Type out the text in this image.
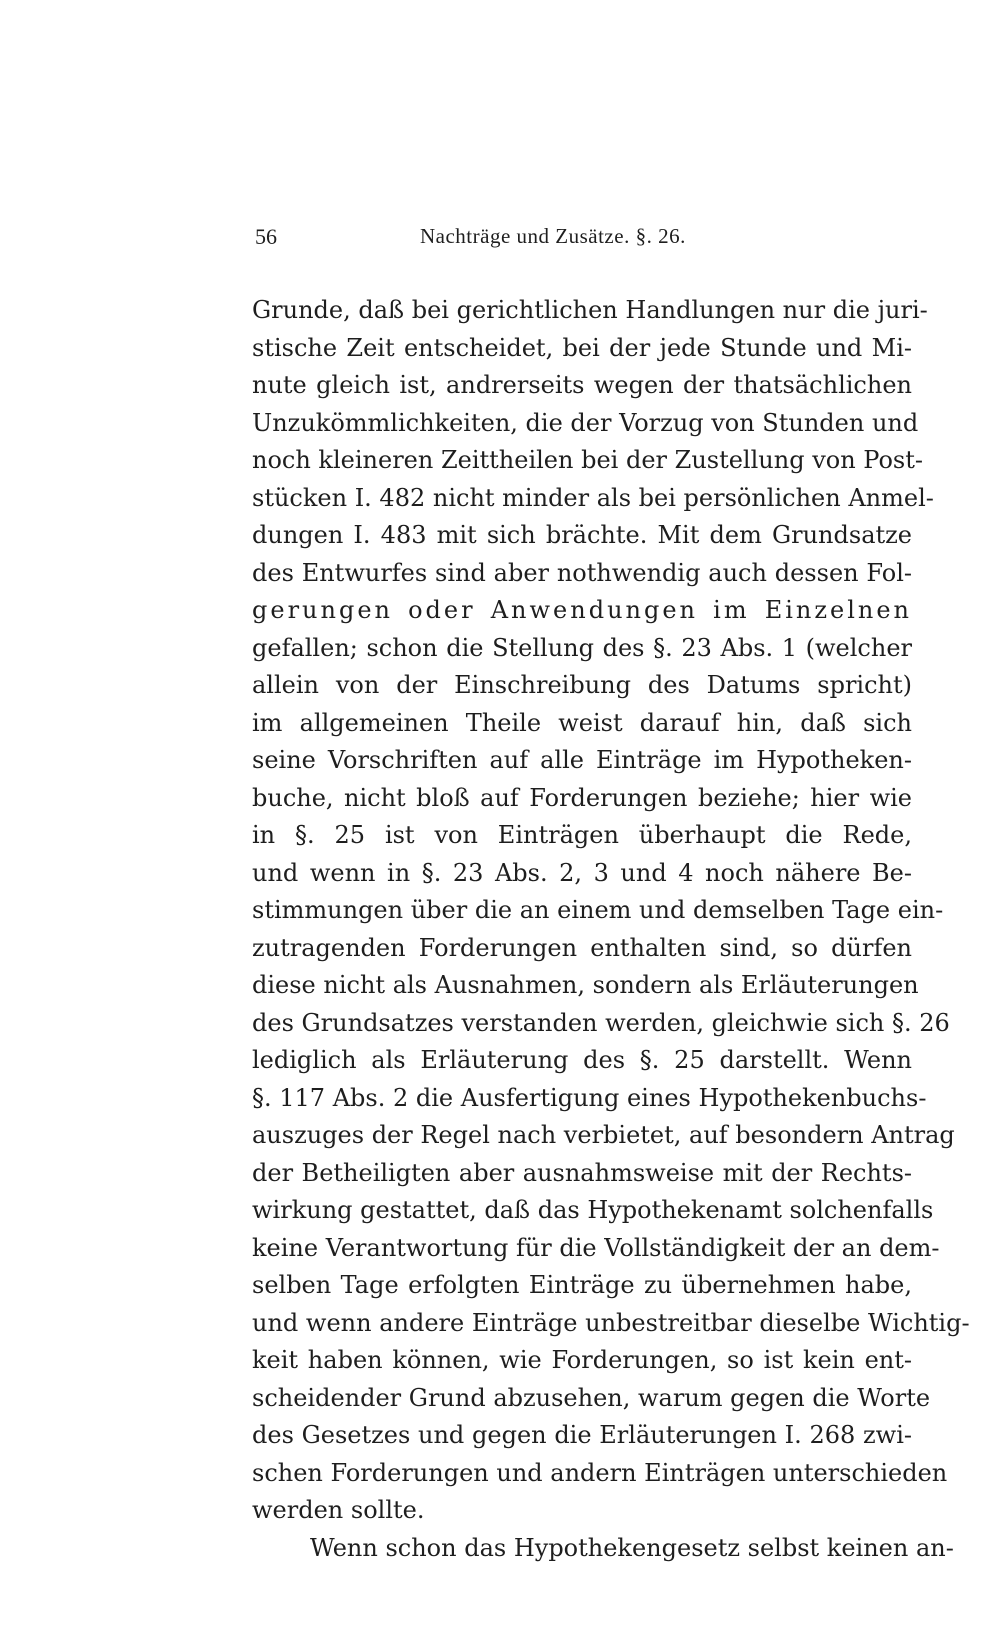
56	Nachträge und Zusätze. §. 26.
Grunde, daß bei gerichtlichen Handlungen nur die juri-
stische Zeit entscheidet, bei der jede Stunde und Mi-
nute gleich ist, andrerseits wegen der thatsächlichen
Unzukömmlichkeiten, die der Vorzug von Stunden und
noch kleineren Zeittheilen bei der Zustellung von Post-
stücken I. 482 nicht minder als bei persönlichen Anmel-
dungen I. 483 mit sich brächte. Mit dem Grundsatze
des Entwurfes sind aber nothwendig auch dessen Fol-
gerungen oder Anwendungen im Einzelnen
gefallen; schon die Stellung des §. 23 Abs. 1 (welcher
allein von der Einschreibung des Datums spricht)
im allgemeinen Theile weist darauf hin, daß sich
seine Vorschriften auf alle Einträge im Hypotheken-
buche, nicht bloß auf Forderungen beziehe; hier wie
in §. 25 ist von Einträgen überhaupt die Rede,
und wenn in §. 23 Abs. 2, 3 und 4 noch nähere Be-
stimmungen über die an einem und demselben Tage ein-
zutragenden Forderungen enthalten sind, so dürfen
diese nicht als Ausnahmen, sondern als Erläuterungen
des Grundsatzes verstanden werden, gleichwie sich §. 26
lediglich als Erläuterung des §. 25 darstellt. Wenn
§. 117 Abs. 2 die Ausfertigung eines Hypothekenbuchs-
auszuges der Regel nach verbietet, auf besondern Antrag
der Betheiligten aber ausnahmsweise mit der Rechts-
wirkung gestattet, daß das Hypothekenamt solchenfalls
keine Verantwortung für die Vollständigkeit der an dem-
selben Tage erfolgten Einträge zu übernehmen habe,
und wenn andere Einträge unbestreitbar dieselbe Wichtig-
keit haben können, wie Forderungen, so ist kein ent-
scheidender Grund abzusehen, warum gegen die Worte
des Gesetzes und gegen die Erläuterungen I. 268 zwi-
schen Forderungen und andern Einträgen unterschieden
werden sollte.
Wenn schon das Hypothekengesetz selbst keinen an-
